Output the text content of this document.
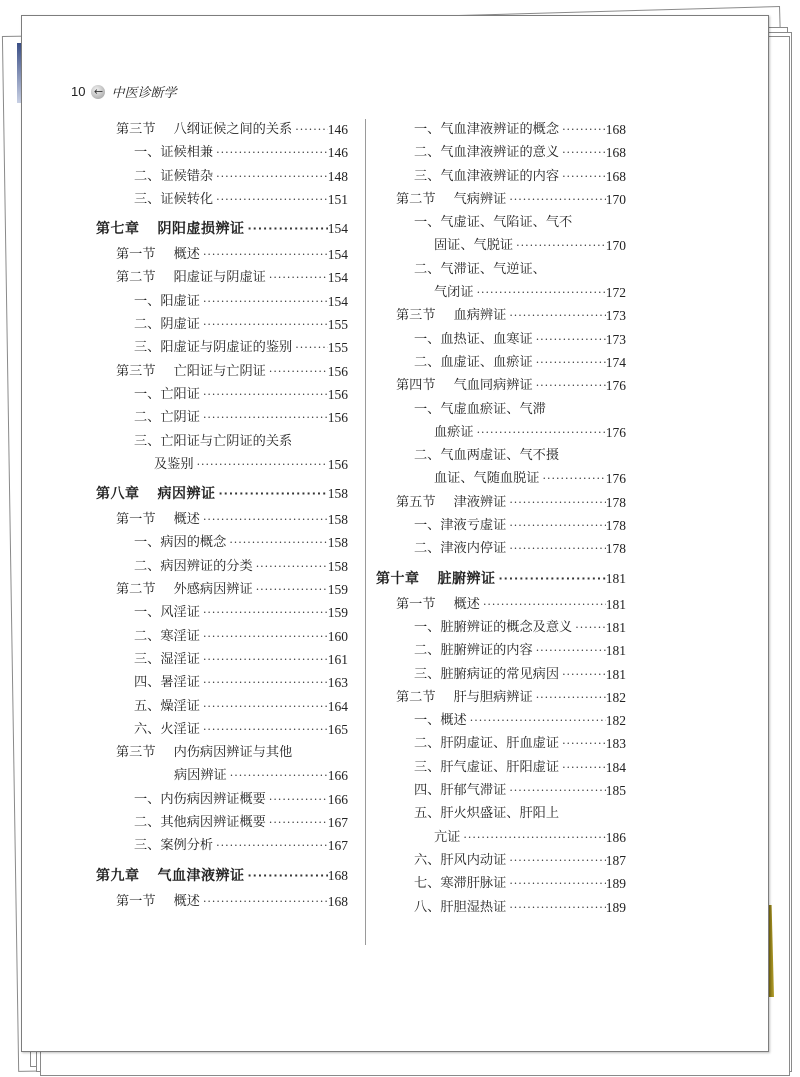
10 ← 中医诊断学
第三节 八纲证候之间的关系 ·····	146
一、证候相兼 ·····	146
二、证候错杂 ·····	148
三、证候转化 ·····	151
第七章 阴阳虚损辨证 ·····	154
第一节 概述 ·····	154
第二节 阳虚证与阴虚证 ·····	154
一、阳虚证 ·····	154
二、阴虚证 ·····	155
三、阳虚证与阴虚证的鉴别 ·····	155
第三节 亡阳证与亡阴证 ·····	156
一、亡阳证 ·····	156
二、亡阴证 ·····	156
三、亡阳证与亡阴证的关系
及鉴别 ·····	156
第八章 病因辨证 ·····	158
第一节 概述 ·····	158
一、病因的概念 ·····	158
二、病因辨证的分类 ·····	158
第二节 外感病因辨证 ·····	159
一、风淫证 ·····	159
二、寒淫证 ·····	160
三、湿淫证 ·····	161
四、暑淫证 ·····	163
五、燥淫证 ·····	164
六、火淫证 ·····	165
第三节 内伤病因辨证与其他
病因辨证 ·····	166
一、内伤病因辨证概要 ·····	166
二、其他病因辨证概要 ·····	167
三、案例分析 ·····	167
第九章 气血津液辨证 ·····	168
第一节 概述 ·····	168
一、气血津液辨证的概念 ·····	168
二、气血津液辨证的意义 ·····	168
三、气血津液辨证的内容 ·····	168
第二节 气病辨证 ·····	170
一、气虚证、气陷证、气不
固证、气脱证 ·····	170
二、气滞证、气逆证、
气闭证 ·····	172
第三节 血病辨证 ·····	173
一、血热证、血寒证 ·····	173
二、血虚证、血瘀证 ·····	174
第四节 气血同病辨证 ·····	176
一、气虚血瘀证、气滞
血瘀证 ·····	176
二、气血两虚证、气不摄
血证、气随血脱证 ·····	176
第五节 津液辨证 ·····	178
一、津液亏虚证 ·····	178
二、津液内停证 ·····	178
第十章 脏腑辨证 ·····	181
第一节 概述 ·····	181
一、脏腑辨证的概念及意义 ····· 181
二、脏腑辨证的内容 ·····	181
三、脏腑病证的常见病因 ·····	181
第二节 肝与胆病辨证 ·····	182
一、概述 ·····	182
二、肝阴虚证、肝血虚证 ·····	183
三、肝气虚证、肝阳虚证 ·····	184
四、肝郁气滞证 ·····	185
五、肝火炽盛证、肝阳上
亢证 ·····	186
六、肝风内动证 ·····	187
七、寒滞肝脉证 ·····	189
八、肝胆湿热证 ·····	189
